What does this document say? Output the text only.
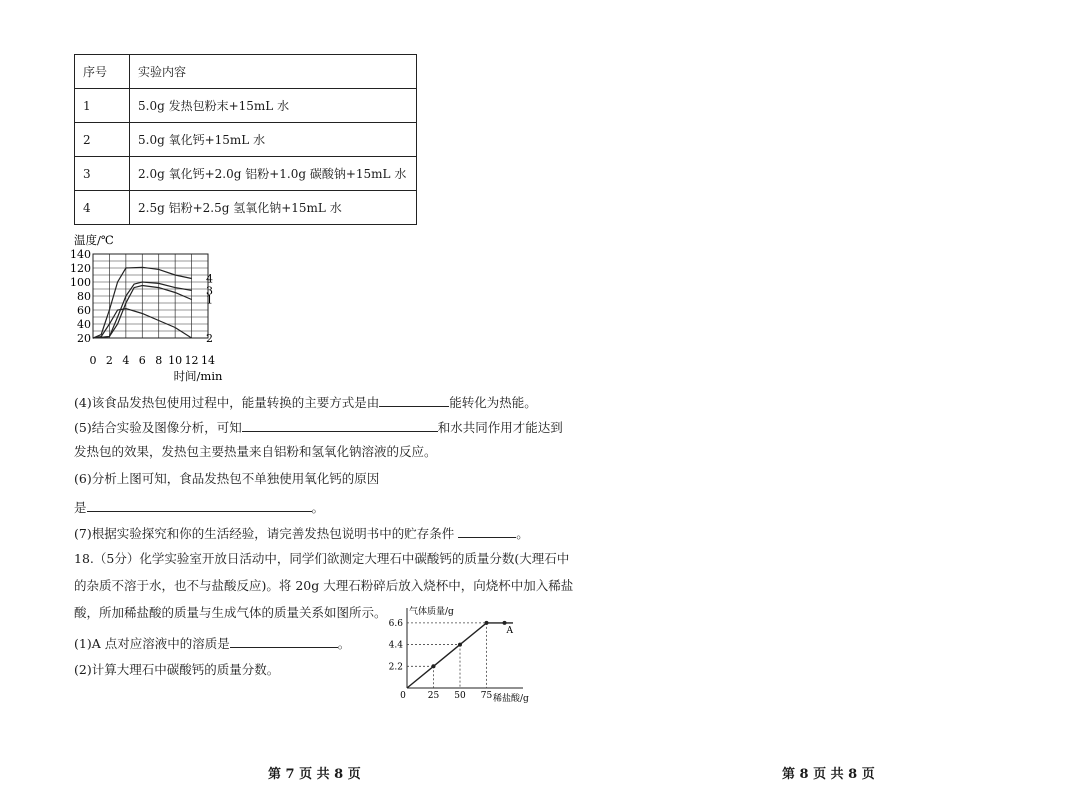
序号	实验内容
1	5.0g 发热包粉末+15mL 水
2	5.0g 氧化钙+15mL 水
3	2.0g 氧化钙+2.0g 铝粉+1.0g 碳酸钠+15mL 水
4	2.5g 铝粉+2.5g 氢氧化钠+15mL 水
温度/℃
20
40
60
80
100
120
140
0 2 4 6 8 10 12 14
1
2
3
4
时间/min
(4)该食品发热包使用过程中，能量转换的主要方式是由	能转化为热能。
(5)结合实验及图像分析，可知	和水共同作用才能达到
发热包的效果，发热包主要热量来自铝粉和氢氧化钠溶液的反应。
(6)分析上图可知，食品发热包不单独使用氧化钙的原因
是	。
(7)根据实验探究和你的生活经验，请完善发热包说明书中的贮存条件	。
18.（5分）化学实验室开放日活动中，同学们欲测定大理石中碳酸钙的质量分数(大理石中
的杂质不溶于水，也不与盐酸反应)。将 20g 大理石粉碎后放入烧杯中，向烧杯中加入稀盐
酸，所加稀盐酸的质量与生成气体的质量关系如图所示。
(1)A 点对应溶液中的溶质是	。
(2)计算大理石中碳酸钙的质量分数。
气体质量/g
2.2
4.4
6.6
0 25 50 75
A
稀盐酸/g
第 7 页 共 8 页	第 8 页 共 8 页
